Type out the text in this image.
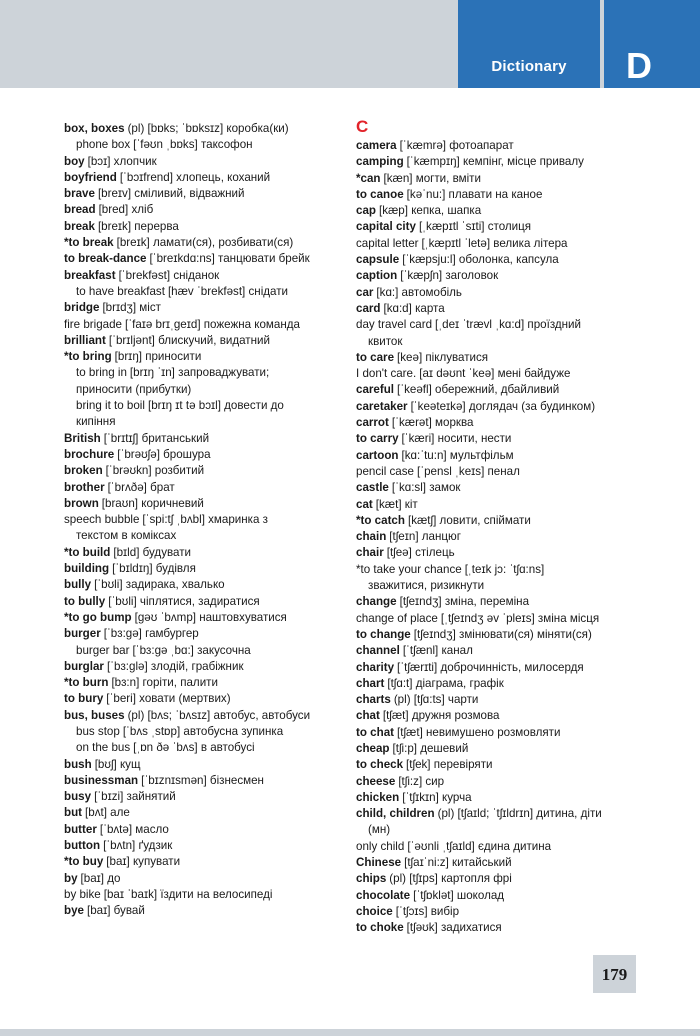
Dictionary	D
box, boxes (pl) [bɒks; ˈbɒksɪz] коробка(ки)
phone box [ˈfəʊn ˌbɒks] таксофон
boy [bɔɪ] хлопчик
boyfriend [ˈbɔɪfrend] хлопець, коханий
brave [breɪv] сміливий, відважний
bread [bred] хліб
break [breɪk] перерва
*to break [breɪk] ламати(ся), розбивати(ся)
to break-dance [ˈbreɪkdɑ:ns] танцювати брейк
breakfast [ˈbrekfəst] сніданок
to have breakfast [hæv ˈbrekfəst] снідати
bridge [brɪdʒ] міст
fire brigade [ˈfaɪə brɪˌgeɪd] пожежна команда
brilliant [ˈbrɪljənt] блискучий, видатний
*to bring [brɪŋ] приносити
to bring in [brɪŋ ˈɪn] запроваджувати;
приносити (прибутки)
bring it to boil [brɪŋ ɪt tə bɔɪl] довести до
кипіння
British [ˈbrɪtɪʃ] британський
brochure [ˈbrəʊʃə] брошура
broken [ˈbrəʊkn] розбитий
brother [ˈbrʌðə] брат
brown [braʊn] коричневий
speech bubble [ˈspi:tʃ ˌbʌbl] хмаринка з
текстом в коміксах
*to build [bɪld] будувати
building [ˈbɪldɪŋ] будівля
bully [ˈbʊli] задирака, хвалько
to bully [ˈbʊli] чіплятися, задиратися
*to go bump [gəʊ ˈbʌmp] наштовхуватися
burger [ˈbɜ:gə] гамбургер
burger bar [ˈbɜ:gə ˌbɑ:] закусочна
burglar [ˈbɜ:glə] злодій, грабіжник
*to burn [bɜ:n] горіти, палити
to bury [ˈberi] ховати (мертвих)
bus, buses (pl) [bʌs; ˈbʌsɪz] автобус, автобуси
bus stop [ˈbʌs ˌstɒp] автобусна зупинка
on the bus [ˌɒn ðə ˈbʌs] в автобусі
bush [bʊʃ] кущ
businessman [ˈbɪznɪsmən] бізнесмен
busy [ˈbɪzi] зайнятий
but [bʌt] але
butter [ˈbʌtə] масло
button [ˈbʌtn] ґудзик
*to buy [baɪ] купувати
by [baɪ] до
by bike [baɪ ˈbaɪk] їздити на велосипеді
bye [baɪ] бувай
C
camera [ˈkæmrə] фотоапарат
camping [ˈkæmpɪŋ] кемпінг, місце привалу
*can [kæn] могти, вміти
to canoe [kəˈnu:] плавати на каное
cap [kæp] кепка, шапка
capital city [ˌkæpɪtl ˈsɪti] столиця
capital letter [ˌkæpɪtl ˈletə] велика літера
capsule [ˈkæpsju:l] оболонка, капсула
caption [ˈkæpʃn] заголовок
car [kɑ:] автомобіль
card [kɑ:d] карта
day travel card [ˌdeɪ ˈtrævl ˌkɑ:d] проїздний
квиток
to care [keə] піклуватися
I don't care. [aɪ dəʊnt ˈkeə] мені байдуже
careful [ˈkeəfl] обережний, дбайливий
caretaker [ˈkeəteɪkə] доглядач (за будинком)
carrot [ˈkærət] морква
to carry [ˈkæri] носити, нести
cartoon [kɑ:ˈtu:n] мультфільм
pencil case [ˈpensl ˌkeɪs] пенал
castle [ˈkɑ:sl] замок
cat [kæt] кіт
*to catch [kætʃ] ловити, спіймати
chain [tʃeɪn] ланцюг
chair [tʃeə] стілець
*to take your chance [ˌteɪk jɔ: ˈtʃɑ:ns]
зважитися, ризикнути
change [tʃeɪndʒ] зміна, переміна
change of place [ˌtʃeɪndʒ əv ˈpleɪs] зміна місця
to change [tʃeɪndʒ] змінювати(ся) міняти(ся)
channel [ˈtʃænl] канал
charity [ˈtʃærɪti] доброчинність, милосердя
chart [tʃɑ:t] діаграма, графік
charts (pl) [tʃɑ:ts] чарти
chat [tʃæt] дружня розмова
to chat [tʃæt] невимушено розмовляти
cheap [tʃi:p] дешевий
to check [tʃek] перевіряти
cheese [tʃi:z] сир
chicken [ˈtʃɪkɪn] курча
child, children (pl) [tʃaɪld; ˈtʃɪldrɪn] дитина, діти
(мн)
only child [ˈəʊnli ˌtʃaɪld] єдина дитина
Chinese [tʃaɪˈni:z] китайський
chips (pl) [tʃɪps] картопля фрі
chocolate [ˈtʃɒklət] шоколад
choice [ˈtʃɔɪs] вибір
to choke [tʃəʊk] задихатися
179
